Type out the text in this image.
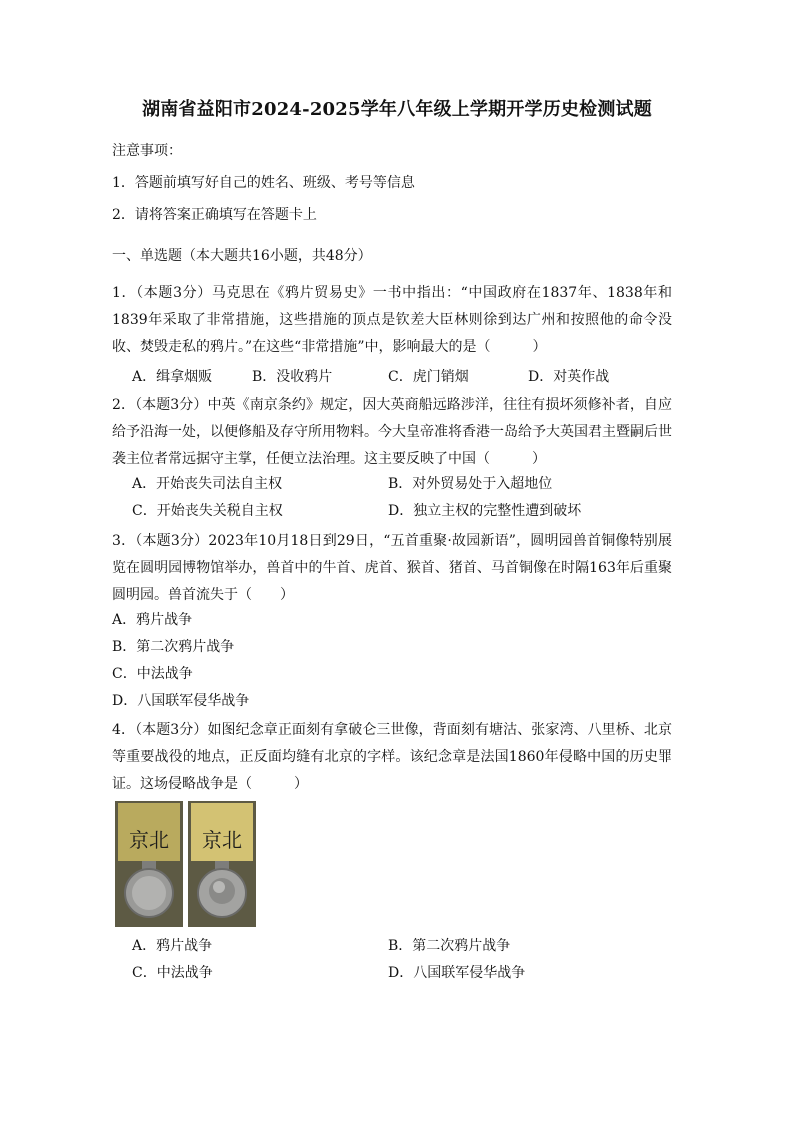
湖南省益阳市2024-2025学年八年级上学期开学历史检测试题
注意事项：
1．答题前填写好自己的姓名、班级、考号等信息
2．请将答案正确填写在答题卡上
一、单选题（本大题共16小题，共48分）
1．（本题3分）马克思在《鸦片贸易史》一书中指出：“中国政府在1837年、1838年和1839年采取了非常措施，这些措施的顶点是钦差大臣林则徐到达广州和按照他的命令没收、焚毁走私的鸦片。”在这些“非常措施”中，影响最大的是（　　　）
A．缉拿烟贩	B．没收鸦片	C．虎门销烟	D．对英作战
2．（本题3分）中英《南京条约》规定，因大英商船远路涉洋，往往有损坏须修补者，自应给予沿海一处，以便修船及存守所用物料。今大皇帝准将香港一岛给予大英国君主暨嗣后世袭主位者常远据守主掌，任便立法治理。这主要反映了中国（　　　）
A．开始丧失司法自主权	B．对外贸易处于入超地位
C．开始丧失关税自主权	D．独立主权的完整性遭到破坏
3．（本题3分）2023年10月18日到29日，“五首重聚·故园新语”，圆明园兽首铜像特别展览在圆明园博物馆举办，兽首中的牛首、虎首、猴首、猪首、马首铜像在时隔163年后重聚圆明园。兽首流失于（　　）
A．鸦片战争
B．第二次鸦片战争
C．中法战争
D．八国联军侵华战争
4．（本题3分）如图纪念章正面刻有拿破仑三世像，背面刻有塘沽、张家湾、八里桥、北京等重要战役的地点，正反面均缝有北京的字样。该纪念章是法国1860年侵略中国的历史罪证。这场侵略战争是（　　　）
京北 京北
A．鸦片战争	B．第二次鸦片战争
C．中法战争	D．八国联军侵华战争
